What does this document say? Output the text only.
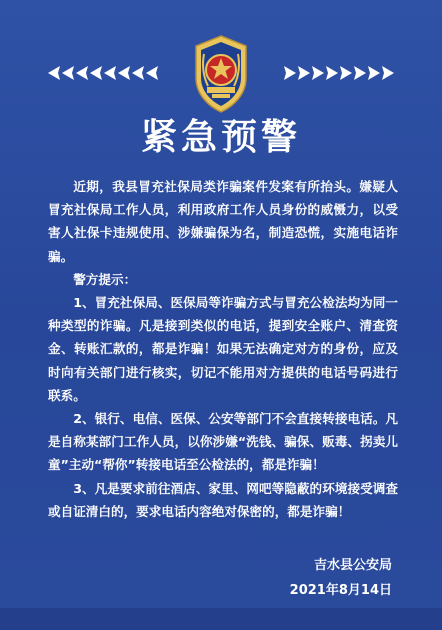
紧急预警

近期，我县冒充社保局类诈骗案件发案有所抬头。嫌疑人冒充社保局工作人员，利用政府工作人员身份的威慑力，以受害人社保卡违规使用、涉嫌骗保为名，制造恐慌，实施电话诈骗。

警方提示：

1、冒充社保局、医保局等诈骗方式与冒充公检法均为同一种类型的诈骗。凡是接到类似的电话，提到安全账户、清查资金、转账汇款的，都是诈骗！如果无法确定对方的身份，应及时向有关部门进行核实，切记不能用对方提供的电话号码进行联系。

2、银行、电信、医保、公安等部门不会直接转接电话。凡是自称某部门工作人员，以你涉嫌“洗钱、骗保、贩毒、拐卖儿童”主动“帮你”转接电话至公检法的，都是诈骗！

3、凡是要求前往酒店、家里、网吧等隐蔽的环境接受调查或自证清白的，要求电话内容绝对保密的，都是诈骗！

吉水县公安局
2021年8月14日
